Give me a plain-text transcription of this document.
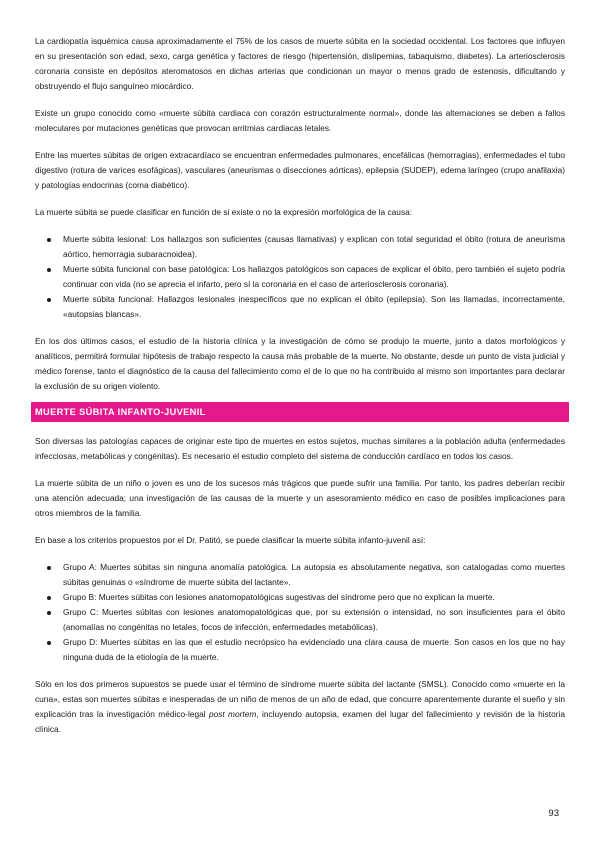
La cardiopatía isquémica causa aproximadamente el 75% de los casos de muerte súbita en la sociedad occidental. Los factores que influyen en su presentación son edad, sexo, carga genética y factores de riesgo (hipertensión, dislipemias, tabaquismo, diabetes). La arteriosclerosis coronaria consiste en depósitos ateromatosos en dichas arterias que condicionan un mayor o menos grado de estenosis, dificultando y obstruyendo el flujo sanguíneo miocárdico.

Existe un grupo conocido como «muerte súbita cardiaca con corazón estructuralmente normal», donde las alternaciones se deben a fallos moleculares por mutaciones genéticas que provocan arritmias cardiacas letales.

Entre las muertes súbitas de origen extracardíaco se encuentran enfermedades pulmonares, encefálicas (hemorragias), enfermedades el tubo digestivo (rotura de varices esofágicas), vasculares (aneurismas o disecciones aórticas), epilepsia (SUDEP), edema laríngeo (crupo anafilaxia) y patologías endocrinas (coma diabético).

La muerte súbita se puede clasificar en función de si existe o no la expresión morfológica de la causa:

Muerte súbita lesional: Los hallazgos son suficientes (causas llamativas) y explican con total seguridad el óbito (rotura de aneurisma aórtico, hemorragia subaracnoidea).
Muerte súbita funcional con base patológica: Los hallazgos patológicos son capaces de explicar el óbito, pero también el sujeto podría continuar con vida (no se aprecia el infarto, pero sí la coronaria en el caso de arteriosclerosis coronaria).
Muerte súbita funcional: Hallazgos lesionales inespecíficos que no explican el óbito (epilepsia). Son las llamadas, incorrectamente, «autopsias blancas».

En los dos últimos casos, el estudio de la historia clínica y la investigación de cómo se produjo la muerte, junto a datos morfológicos y analíticos, permitirá formular hipótesis de trabajo respecto la causa más probable de la muerte. No obstante, desde un punto de vista judicial y médico forense, tanto el diagnóstico de la causa del fallecimiento como el de lo que no ha contribuido al mismo son importantes para declarar la exclusión de su origen violento.

MUERTE SÚBITA INFANTO-JUVENIL

Son diversas las patologías capaces de originar este tipo de muertes en estos sujetos, muchas similares a la población adulta (enfermedades infecciosas, metabólicas y congénitas). Es necesario el estudio completo del sistema de conducción cardíaco en todos los casos.

La muerte súbita de un niño o joven es uno de los sucesos más trágicos que puede sufrir una familia. Por tanto, los padres deberían recibir una atención adecuada; una investigación de las causas de la muerte y un asesoramiento médico en caso de posibles implicaciones para otros miembros de la familia.

En base a los criterios propuestos por el Dr. Patitó, se puede clasificar la muerte súbita infanto-juvenil así:

Grupo A: Muertes súbitas sin ninguna anomalía patológica. La autopsia es absolutamente negativa, son catalogadas como muertes súbitas genuinas o «síndrome de muerte súbita del lactante».
Grupo B: Muertes súbitas con lesiones anatomopatológicas sugestivas del síndrome pero que no explican la muerte.
Grupo C: Muertes súbitas con lesiones anatomopatológicas que, por su extensión o intensidad, no son insuficientes para el óbito (anomalías no congénitas no letales, focos de infección, enfermedades metabólicas).
Grupo D: Muertes súbitas en las que el estudio necrópsico ha evidenciado una clara causa de muerte. Son casos en los que no hay ninguna duda de la etiología de la muerte.

Sólo en los dos primeros supuestos se puede usar el término de síndrome muerte súbita del lactante (SMSL). Conocido como «muerte en la cuna», estas son muertes súbitas e inesperadas de un niño de menos de un año de edad, que concurre aparentemente durante el sueño y sin explicación tras la investigación médico-legal post mortem, incluyendo autopsia, examen del lugar del fallecimiento y revisión de la historia clínica.

93
